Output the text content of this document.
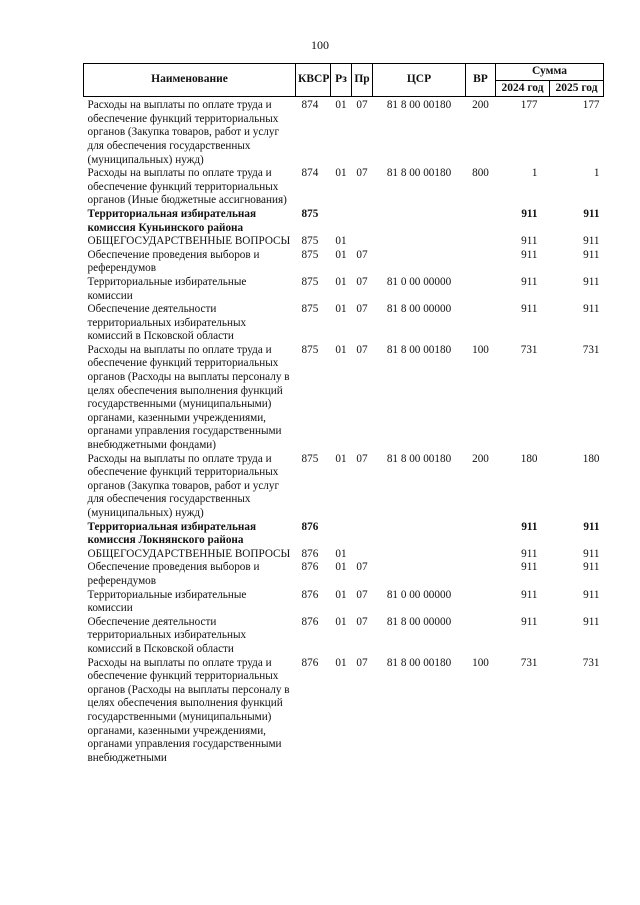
100
Наименование	КВСР	Рз	Пр	ЦСР	ВР	Сумма	
						2024 год	2025 год
Расходы на выплаты по оплате труда и обеспечение функций территориальных органов (Закупка товаров, работ и услуг для обеспечения государственных (муниципальных) нужд)	874	01	07	81 8 00 00180	200	177	177
Расходы на выплаты по оплате труда и обеспечение функций территориальных органов (Иные бюджетные ассигнования)	874	01	07	81 8 00 00180	800	1	1
Территориальная избирательная комиссия Куньинского района	875					911	911
ОБЩЕГОСУДАРСТВЕННЫЕ ВОПРОСЫ	875	01				911	911
Обеспечение проведения выборов и референдумов	875	01	07			911	911
Территориальные избирательные комиссии	875	01	07	81 0 00 00000		911	911
Обеспечение деятельности территориальных избирательных комиссий в Псковской области	875	01	07	81 8 00 00000		911	911
Расходы на выплаты по оплате труда и обеспечение функций территориальных органов (Расходы на выплаты персоналу в целях обеспечения выполнения функций государственными (муниципальными) органами, казенными учреждениями, органами управления государственными внебюджетными фондами)	875	01	07	81 8 00 00180	100	731	731
Расходы на выплаты по оплате труда и обеспечение функций территориальных органов (Закупка товаров, работ и услуг для обеспечения государственных (муниципальных) нужд)	875	01	07	81 8 00 00180	200	180	180
Территориальная избирательная комиссия Локнянского района	876					911	911
ОБЩЕГОСУДАРСТВЕННЫЕ ВОПРОСЫ	876	01				911	911
Обеспечение проведения выборов и референдумов	876	01	07			911	911
Территориальные избирательные комиссии	876	01	07	81 0 00 00000		911	911
Обеспечение деятельности территориальных избирательных комиссий в Псковской области	876	01	07	81 8 00 00000		911	911
Расходы на выплаты по оплате труда и обеспечение функций территориальных органов (Расходы на выплаты персоналу в целях обеспечения выполнения функций государственными (муниципальными) органами, казенными учреждениями, органами управления государственными внебюджетными	876	01	07	81 8 00 00180	100	731	731
